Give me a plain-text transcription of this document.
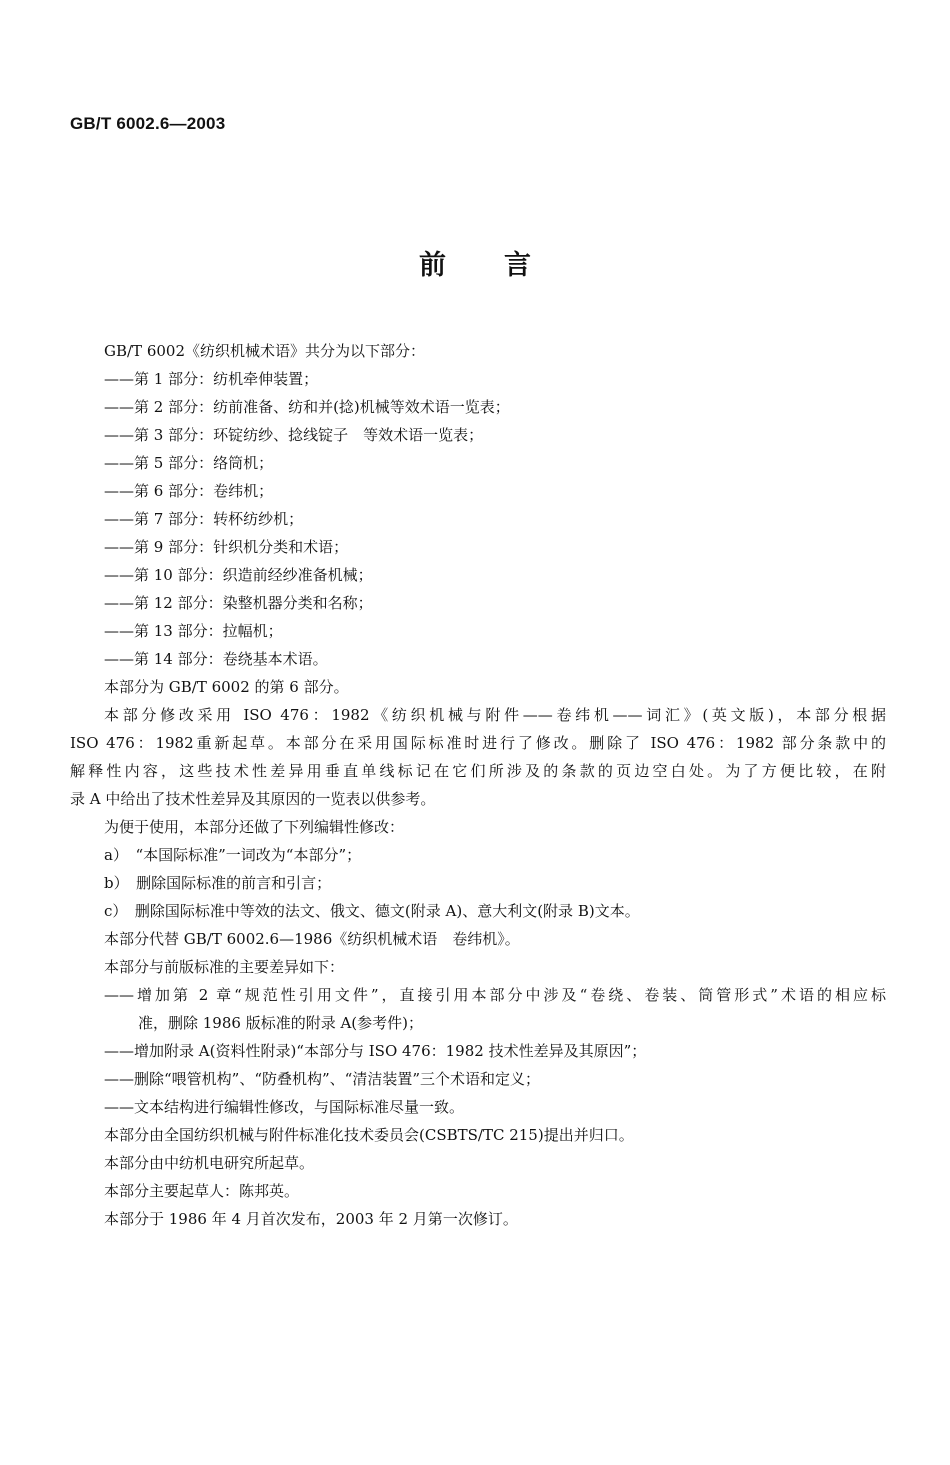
GB/T 6002.6—2003
前 言
GB/T 6002《纺织机械术语》共分为以下部分：
——第 1 部分：纺机牵伸装置；
——第 2 部分：纺前准备、纺和并(捻)机械等效术语一览表；
——第 3 部分：环锭纺纱、捻线锭子　等效术语一览表；
——第 5 部分：络筒机；
——第 6 部分：卷纬机；
——第 7 部分：转杯纺纱机；
——第 9 部分：针织机分类和术语；
——第 10 部分：织造前经纱准备机械；
——第 12 部分：染整机器分类和名称；
——第 13 部分：拉幅机；
——第 14 部分：卷绕基本术语。
本部分为 GB/T 6002 的第 6 部分。
本部分修改采用 ISO 476：1982《纺织机械与附件——卷纬机——词汇》(英文版)，本部分根据
ISO 476：1982重新起草。本部分在采用国际标准时进行了修改。删除了 ISO 476：1982 部分条款中的
解释性内容，这些技术性差异用垂直单线标记在它们所涉及的条款的页边空白处。为了方便比较，在附
录 A 中给出了技术性差异及其原因的一览表以供参考。
为便于使用，本部分还做了下列编辑性修改：
a）　“本国际标准”一词改为“本部分”；
b）　删除国际标准的前言和引言；
c）　删除国际标准中等效的法文、俄文、德文(附录 A)、意大利文(附录 B)文本。
本部分代替 GB/T 6002.6—1986《纺织机械术语　卷纬机》。
本部分与前版标准的主要差异如下：
——增加第 2 章“规范性引用文件”，直接引用本部分中涉及“卷绕、卷装、筒管形式”术语的相应标
准，删除 1986 版标准的附录 A(参考件)；
——增加附录 A(资料性附录)“本部分与 ISO 476：1982 技术性差异及其原因”；
——删除“喂管机构”、“防叠机构”、“清洁装置”三个术语和定义；
——文本结构进行编辑性修改，与国际标准尽量一致。
本部分由全国纺织机械与附件标准化技术委员会(CSBTS/TC 215)提出并归口。
本部分由中纺机电研究所起草。
本部分主要起草人：陈邦英。
本部分于 1986 年 4 月首次发布，2003 年 2 月第一次修订。
